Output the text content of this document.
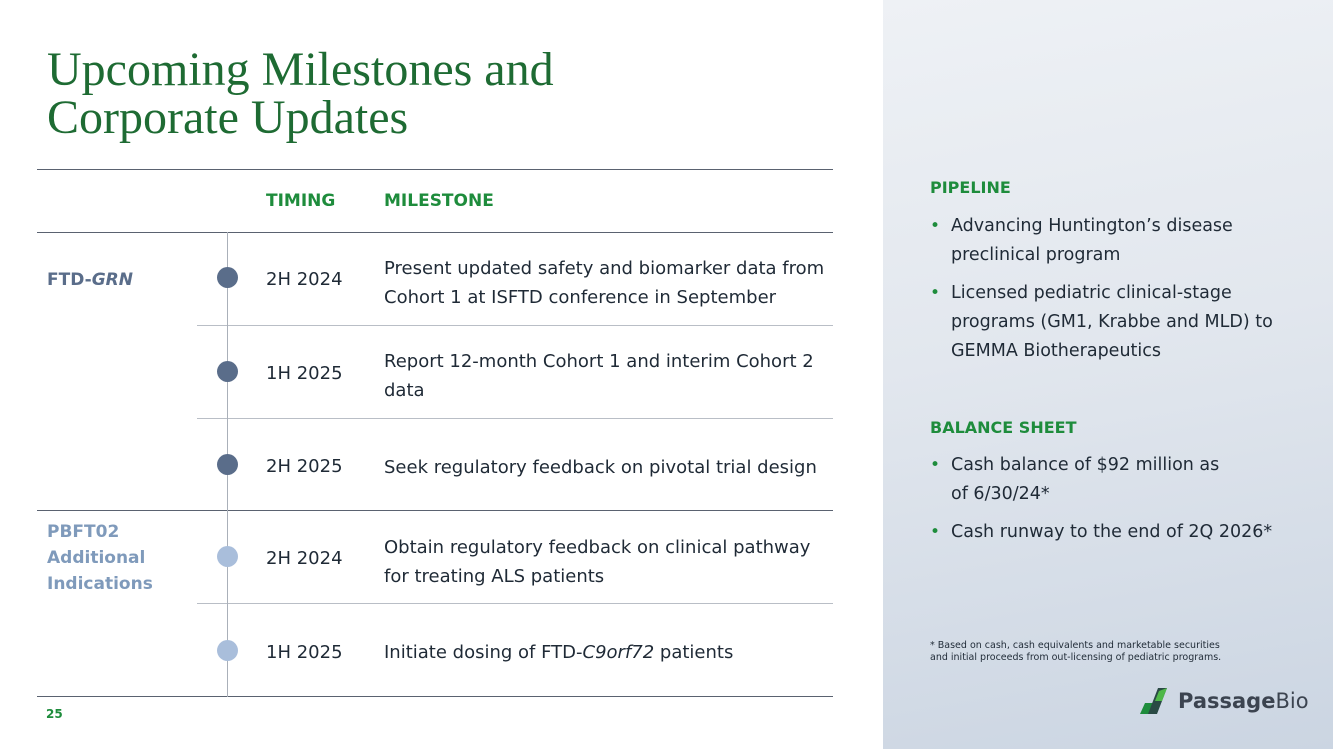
Upcoming Milestones and
Corporate Updates
TIMING	MILESTONE
FTD-GRN
PBFT02
Additional
Indications
2H 2024
Present updated safety and biomarker data from Cohort 1 at ISFTD conference in September
1H 2025
Report 12-month Cohort 1 and interim Cohort 2 data
2H 2025 Seek regulatory feedback on pivotal trial design
2H 2024
Obtain regulatory feedback on clinical pathway for treating ALS patients
1H 2025 Initiate dosing of FTD-C9orf72 patients
25
PIPELINE
• Advancing Huntington’s disease preclinical program
• Licensed pediatric clinical-stage programs (GM1, Krabbe and MLD) to GEMMA Biotherapeutics
BALANCE SHEET
• Cash balance of $92 million as
of 6/30/24*
• Cash runway to the end of 2Q 2026*
* Based on cash, cash equivalents and marketable securities and initial proceeds from out-licensing of pediatric programs.
PassageBio
